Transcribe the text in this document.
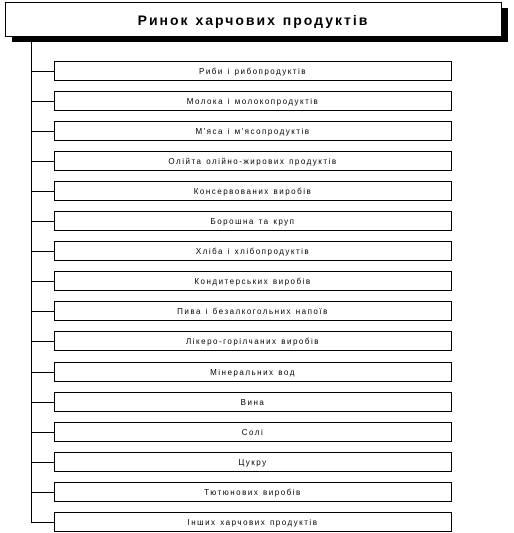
Ринок харчових продуктів
Риби і рибопродуктів
Молока і молокопродуктів
М'яса і м'ясопродуктів
Олійта олійно-жирових продуктів
Консервованих виробів
Борошна та круп
Хліба і хлібопродуктів
Кондитерських виробів
Пива і безалкогольних напоїв
Лікеро-горілчаних виробів
Мінеральних вод
Вина
Солі
Цукру
Тютюнових виробів
Інших харчових продуктів
